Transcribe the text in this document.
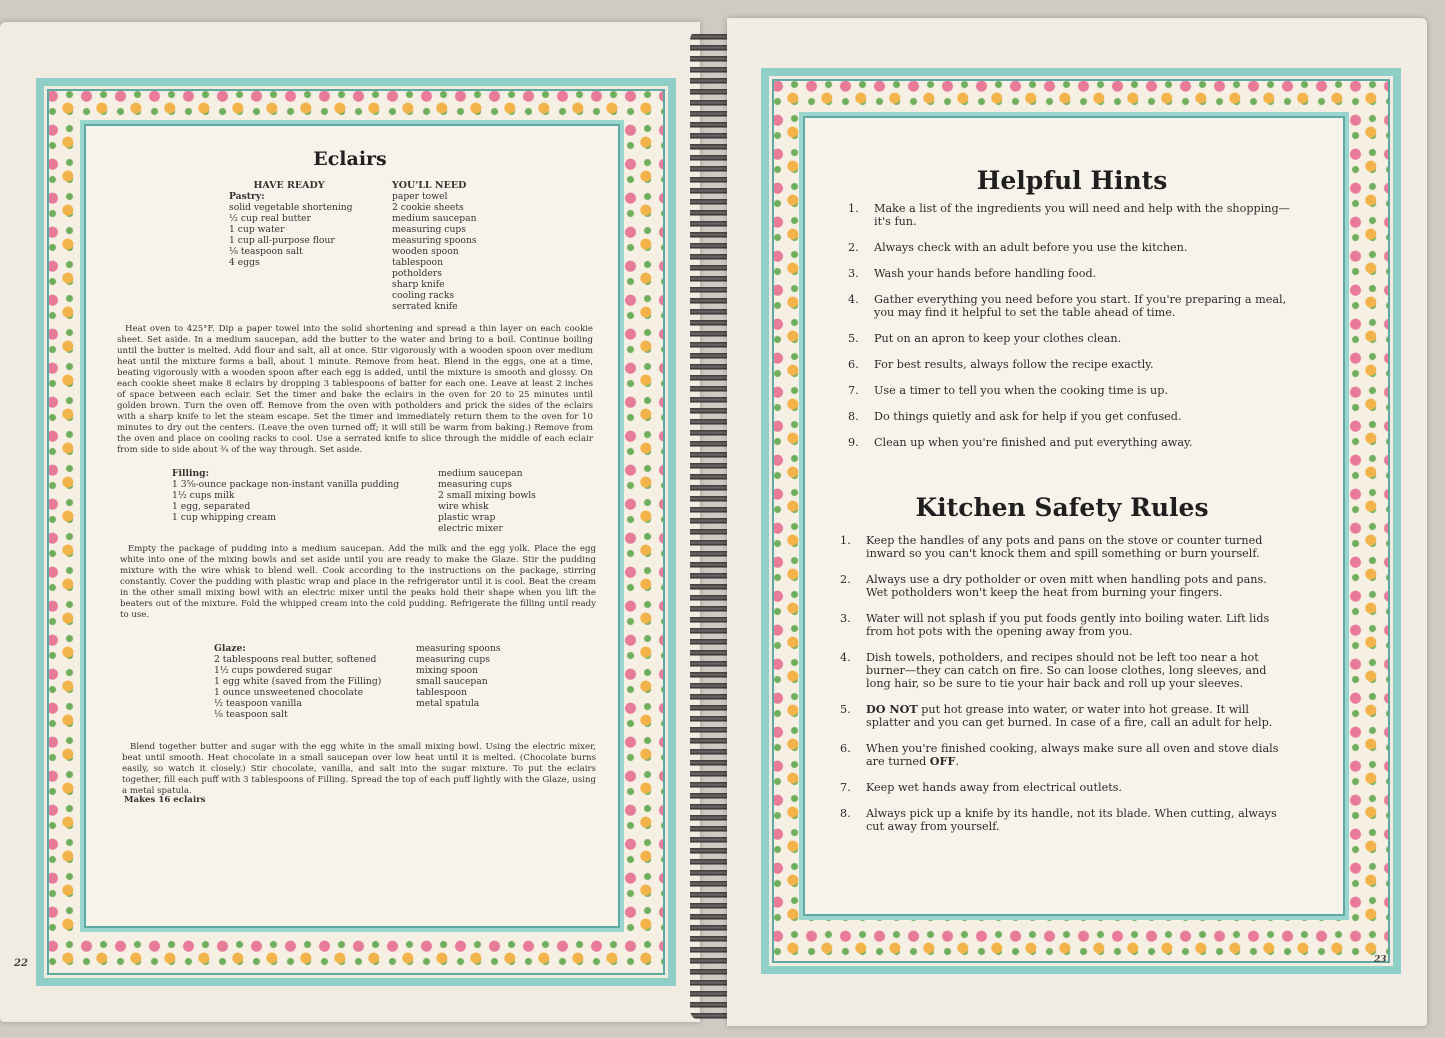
Eclairs
HAVE READY
Pastry:
solid vegetable shortening
½ cup real butter
1 cup water
1 cup all-purpose flour
⅛ teaspoon salt
4 eggs
YOU'LL NEED
paper towel
2 cookie sheets
medium saucepan
measuring cups
measuring spoons
wooden spoon
tablespoon
potholders
sharp knife
cooling racks
serrated knife
Heat oven to 425°F. Dip a paper towel into the solid shortening and spread a thin layer on each cookie sheet. Set aside. In a medium saucepan, add the butter to the water and bring to a boil. Continue boiling until the butter is melted. Add flour and salt, all at once. Stir vigorously with a wooden spoon over medium heat until the mixture forms a ball, about 1 minute. Remove from heat. Blend in the eggs, one at a time, beating vigorously with a wooden spoon after each egg is added, until the mixture is smooth and glossy. On each cookie sheet make 8 eclairs by dropping 3 tablespoons of batter for each one. Leave at least 2 inches of space between each eclair. Set the timer and bake the eclairs in the oven for 20 to 25 minutes until golden brown. Turn the oven off. Remove from the oven with potholders and prick the sides of the eclairs with a sharp knife to let the steam escape. Set the timer and immediately return them to the oven for 10 minutes to dry out the centers. (Leave the oven turned off; it will still be warm from baking.) Remove from the oven and place on cooling racks to cool. Use a serrated knife to slice through the middle of each eclair from side to side about ¾ of the way through. Set aside.
Filling:
1 3⅝-ounce package non-instant vanilla pudding
1½ cups milk
1 egg, separated
1 cup whipping cream
medium saucepan
measuring cups
2 small mixing bowls
wire whisk
plastic wrap
electric mixer
Empty the package of pudding into a medium saucepan. Add the milk and the egg yolk. Place the egg white into one of the mixing bowls and set aside until you are ready to make the Glaze. Stir the pudding mixture with the wire whisk to blend well. Cook according to the instructions on the package, stirring constantly. Cover the pudding with plastic wrap and place in the refrigerator until it is cool. Beat the cream in the other small mixing bowl with an electric mixer until the peaks hold their shape when you lift the beaters out of the mixture. Fold the whipped cream into the cold pudding. Refrigerate the filling until ready to use.
Glaze:
2 tablespoons real butter, softened
1½ cups powdered sugar
1 egg white (saved from the Filling)
1 ounce unsweetened chocolate
½ teaspoon vanilla
⅛ teaspoon salt
measuring spoons
measuring cups
mixing spoon
small saucepan
tablespoon
metal spatula
Blend together butter and sugar with the egg white in the small mixing bowl. Using the electric mixer, beat until smooth. Heat chocolate in a small saucepan over low heat until it is melted. (Chocolate burns easily, so watch it closely.) Stir chocolate, vanilla, and salt into the sugar mixture. To put the eclairs together, fill each puff with 3 tablespoons of Filling. Spread the top of each puff lightly with the Glaze, using a metal spatula.
Makes 16 eclairs
22
Helpful Hints
1. Make a list of the ingredients you will need and help with the shopping—it's fun.
2. Always check with an adult before you use the kitchen.
3. Wash your hands before handling food.
4. Gather everything you need before you start. If you're preparing a meal, you may find it helpful to set the table ahead of time.
5. Put on an apron to keep your clothes clean.
6. For best results, always follow the recipe exactly.
7. Use a timer to tell you when the cooking time is up.
8. Do things quietly and ask for help if you get confused.
9. Clean up when you're finished and put everything away.
Kitchen Safety Rules
1. Keep the handles of any pots and pans on the stove or counter turned inward so you can't knock them and spill something or burn yourself.
2. Always use a dry potholder or oven mitt when handling pots and pans. Wet potholders won't keep the heat from burning your fingers.
3. Water will not splash if you put foods gently into boiling water. Lift lids from hot pots with the opening away from you.
4. Dish towels, potholders, and recipes should not be left too near a hot burner—they can catch on fire. So can loose clothes, long sleeves, and long hair, so be sure to tie your hair back and roll up your sleeves.
5. DO NOT put hot grease into water, or water into hot grease. It will splatter and you can get burned. In case of a fire, call an adult for help.
6. When you're finished cooking, always make sure all oven and stove dials are turned OFF.
7. Keep wet hands away from electrical outlets.
8. Always pick up a knife by its handle, not its blade. When cutting, always cut away from yourself.
23
